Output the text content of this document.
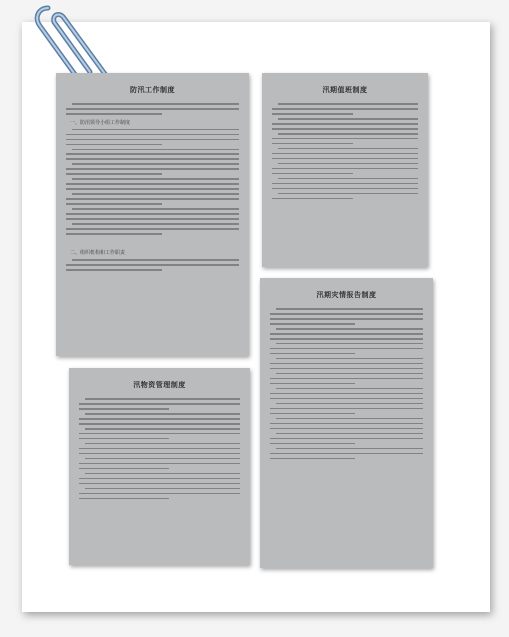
防汛工作制度
一、防汛领导小组工作制度
二、组织机构和工作职责
汛期值班制度
汛期灾情报告制度
汛物资管理制度
